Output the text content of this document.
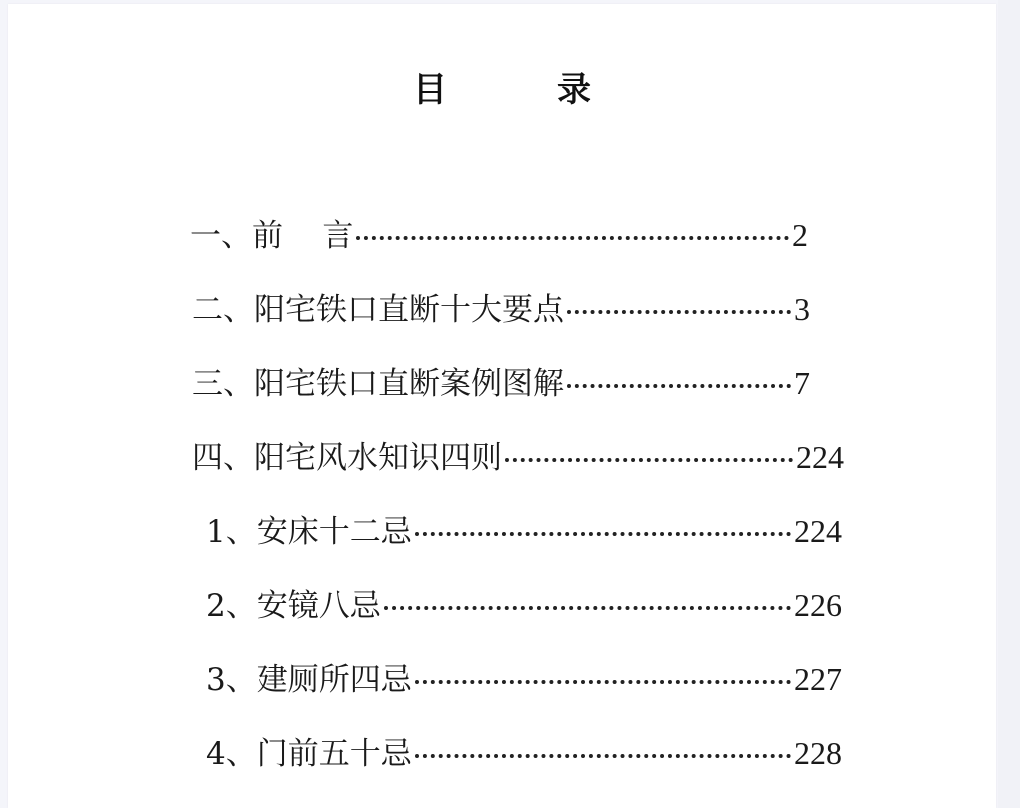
目	录
一、前    言	2
二、阳宅铁口直断十大要点	3
三、阳宅铁口直断案例图解	7
四、阳宅风水知识四则	224
1、安床十二忌	224
2、安镜八忌	226
3、建厕所四忌	227
4、门前五十忌	228
